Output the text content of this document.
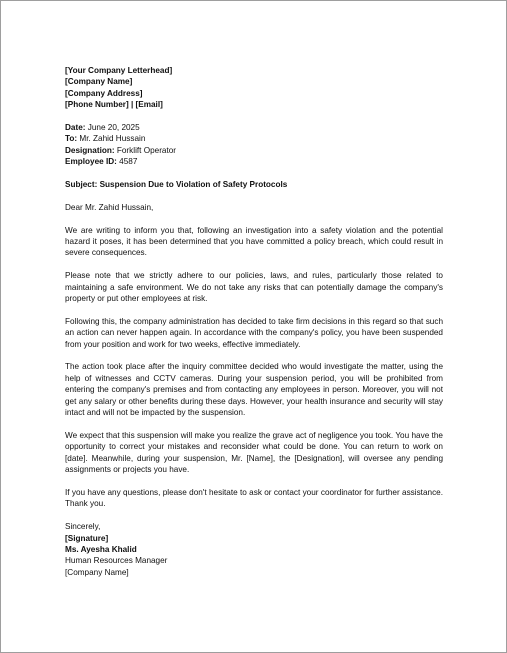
[Your Company Letterhead]
[Company Name]
[Company Address]
[Phone Number] | [Email]
Date: June 20, 2025
To: Mr. Zahid Hussain
Designation: Forklift Operator
Employee ID: 4587
Subject: Suspension Due to Violation of Safety Protocols
Dear Mr. Zahid Hussain,

We are writing to inform you that, following an investigation into a safety violation and the potential hazard it poses, it has been determined that you have committed a policy breach, which could result in severe consequences.

Please note that we strictly adhere to our policies, laws, and rules, particularly those related to maintaining a safe environment. We do not take any risks that can potentially damage the company's property or put other employees at risk.

Following this, the company administration has decided to take firm decisions in this regard so that such an action can never happen again. In accordance with the company's policy, you have been suspended from your position and work for two weeks, effective immediately.

The action took place after the inquiry committee decided who would investigate the matter, using the help of witnesses and CCTV cameras. During your suspension period, you will be prohibited from entering the company's premises and from contacting any employees in person. Moreover, you will not get any salary or other benefits during these days. However, your health insurance and security will stay intact and will not be impacted by the suspension.

We expect that this suspension will make you realize the grave act of negligence you took. You have the opportunity to correct your mistakes and reconsider what could be done. You can return to work on [date]. Meanwhile, during your suspension, Mr. [Name], the [Designation], will oversee any pending assignments or projects you have.

If you have any questions, please don't hesitate to ask or contact your coordinator for further assistance. Thank you.

Sincerely,
[Signature]
Ms. Ayesha Khalid
Human Resources Manager
[Company Name]
